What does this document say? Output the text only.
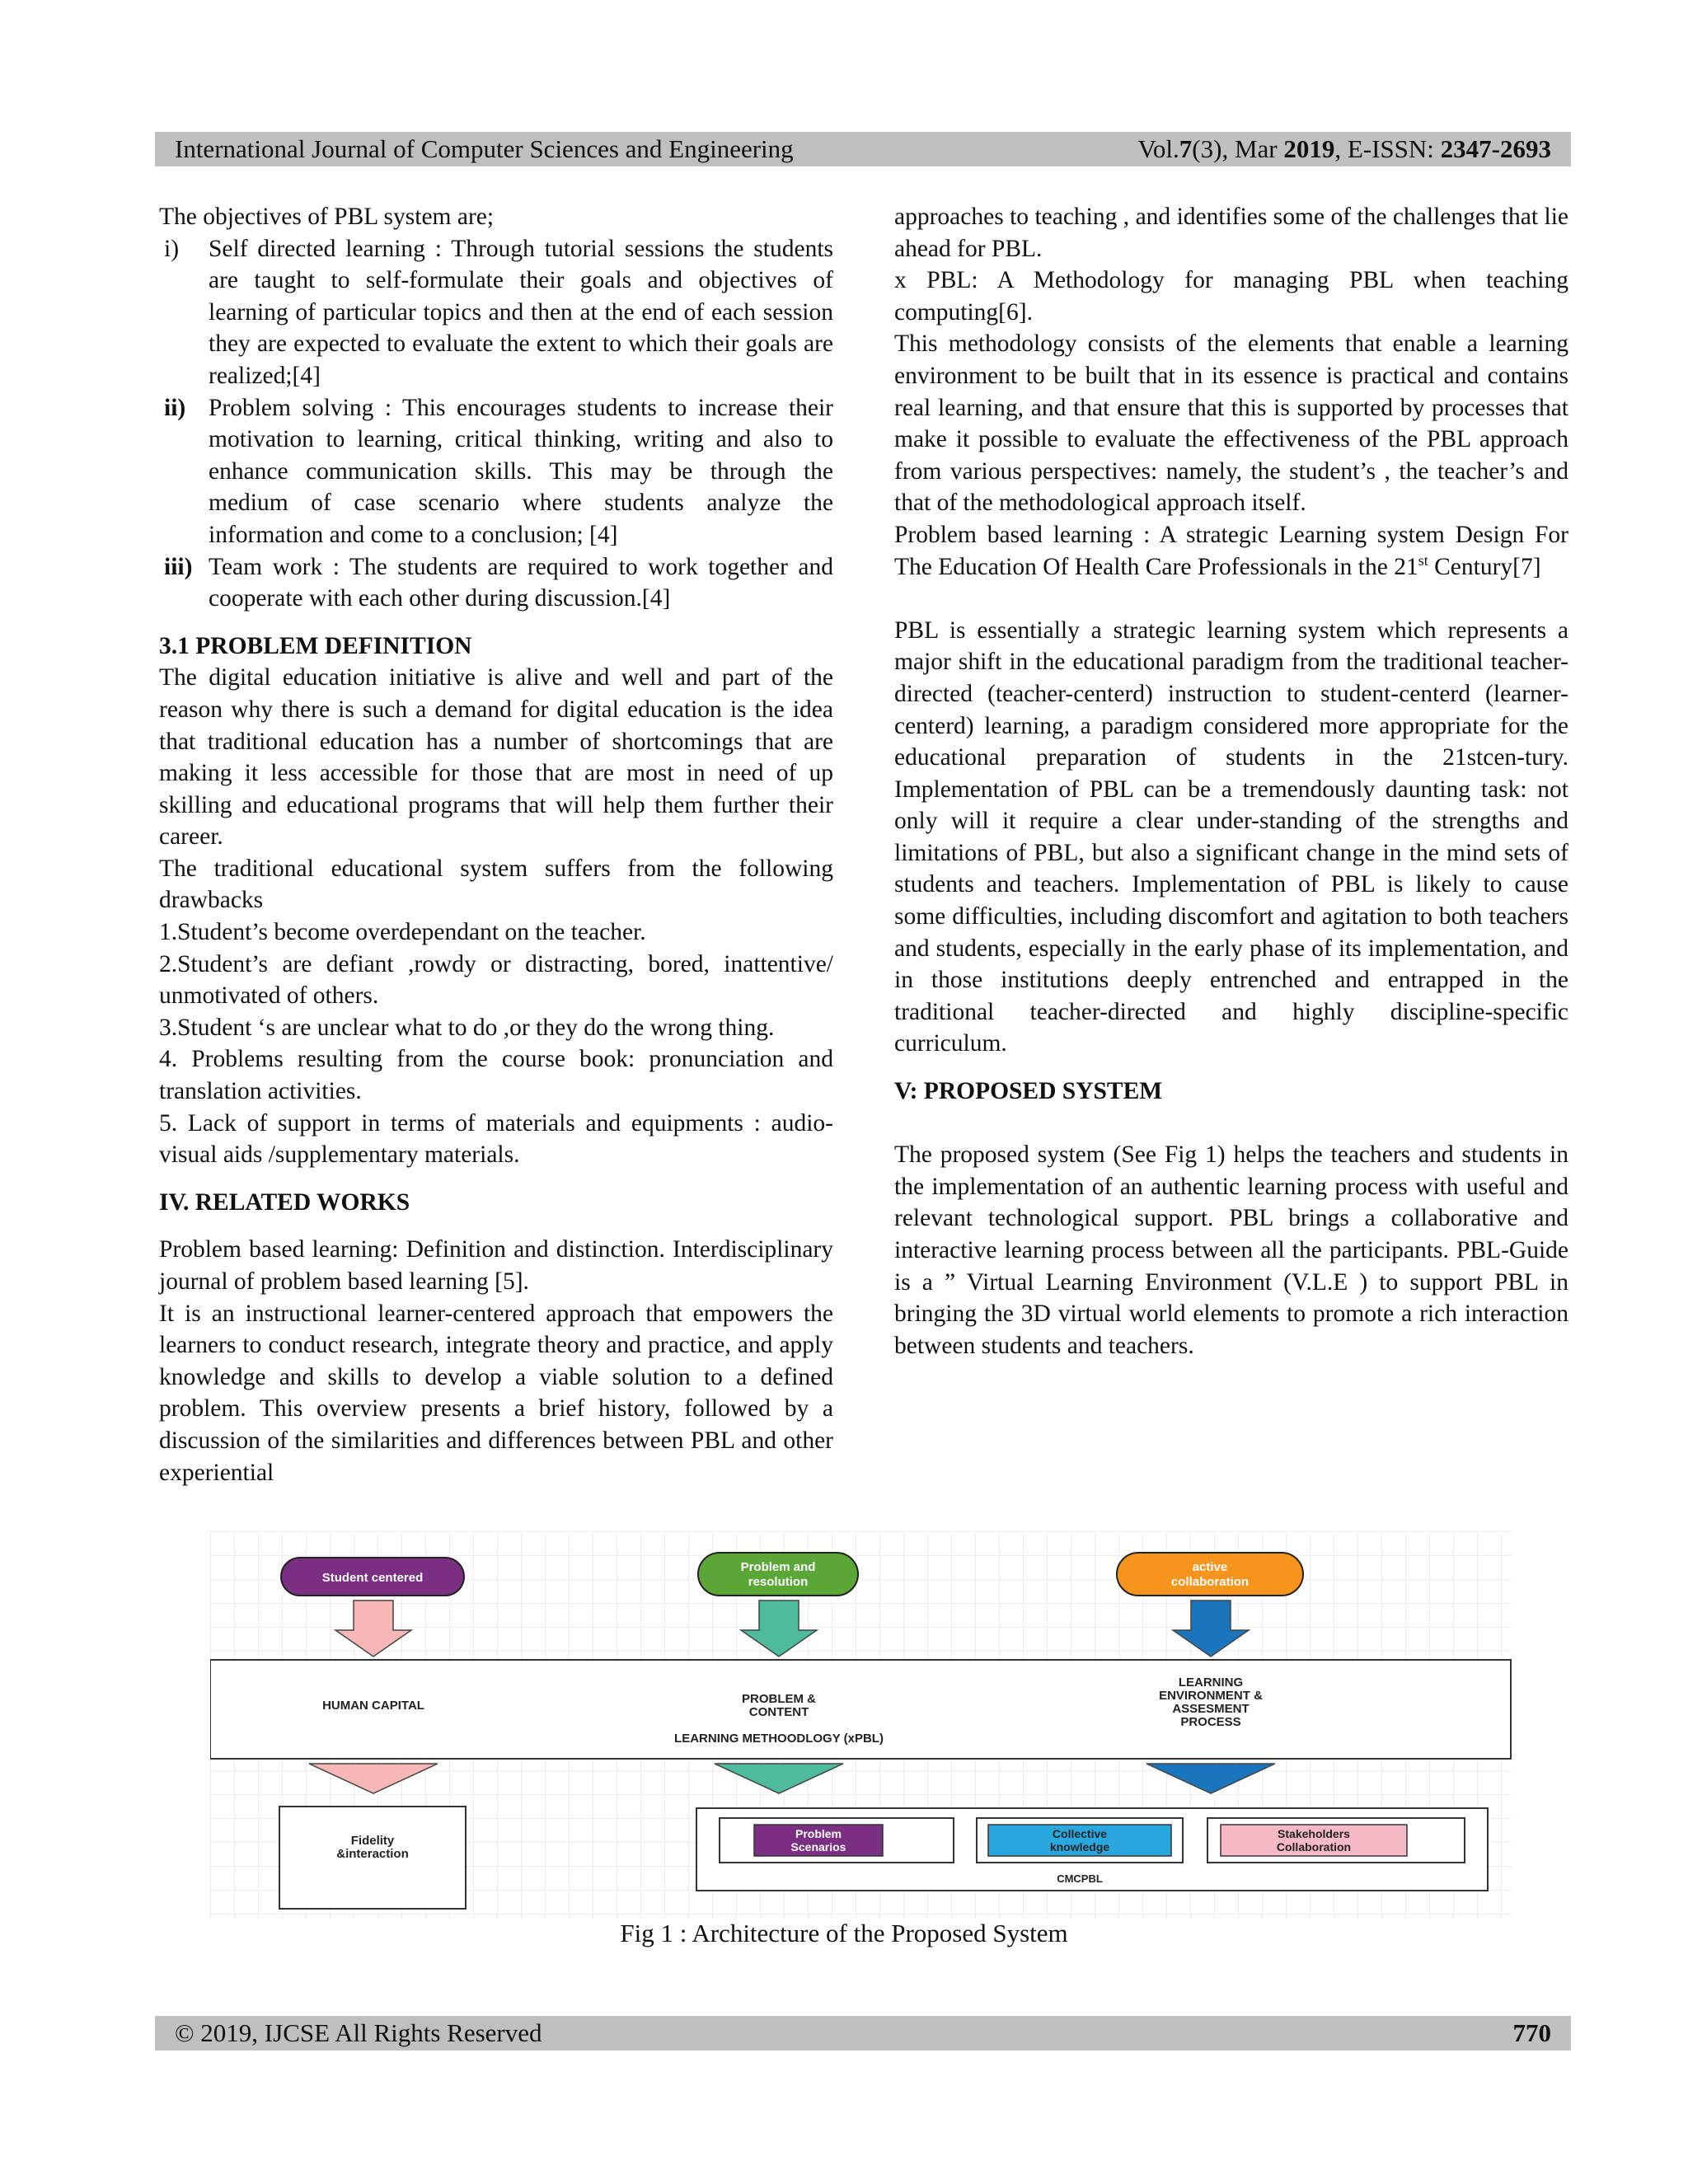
International Journal of Computer Sciences and Engineering	Vol.7(3), Mar 2019, E-ISSN: 2347-2693

The objectives of PBL system are;

i)	Self directed learning : Through tutorial sessions the students are taught to self-formulate their goals and objectives of learning of particular topics and then at the end of each session they are expected to evaluate the extent to which their goals are realized;[4]
ii) Problem solving : This encourages students to increase their motivation to learning, critical thinking, writing and also to enhance communication skills. This may be through the medium of case scenario where students analyze the information and come to a conclusion; [4]
iii) Team work : The students are required to work together and cooperate with each other during discussion.[4]

3.1 PROBLEM DEFINITION

The digital education initiative is alive and well and part of the reason why there is such a demand for digital education is the idea that traditional education has a number of shortcomings that are making it less accessible for those that are most in need of up skilling and educational programs that will help them further their career.

The traditional educational system suffers from the following drawbacks

1.Student’s become overdependant on the teacher.

2.Student’s are defiant ,rowdy or distracting, bored, inattentive/ unmotivated of others.

3.Student ‘s are unclear what to do ,or they do the wrong thing.

4. Problems resulting from the course book: pronunciation and translation activities.

5. Lack of support in terms of materials and equipments : audio-visual aids /supplementary materials.

IV. RELATED WORKS

Problem based learning: Definition and distinction. Interdisciplinary journal of problem based learning [5].

It is an instructional learner-centered approach that empowers the learners to conduct research, integrate theory and practice, and apply knowledge and skills to develop a viable solution to a defined problem. This overview presents a brief history, followed by a discussion of the similarities and differences between PBL and other experiential

approaches to teaching , and identifies some of the challenges that lie ahead for PBL.

x PBL: A Methodology for managing PBL when teaching computing[6].

This methodology consists of the elements that enable a learning environment to be built that in its essence is practical and contains real learning, and that ensure that this is supported by processes that make it possible to evaluate the effectiveness of the PBL approach from various perspectives: namely, the student’s , the teacher’s and that of the methodological approach itself.

Problem based learning : A strategic Learning system Design For The Education Of Health Care Professionals in the 21st Century[7]

PBL is essentially a strategic learning system which represents a major shift in the educational paradigm from the traditional teacher-directed (teacher-centerd) instruction to student-centerd (learner-centerd) learning, a paradigm considered more appropriate for the educational preparation of students in the 21stcen-tury. Implementation of PBL can be a tremendously daunting task: not only will it require a clear under-standing of the strengths and limitations of PBL, but also a significant change in the mind sets of students and teachers. Implementation of PBL is likely to cause some difficulties, including discomfort and agitation to both teachers and students, especially in the early phase of its implementation, and in those institutions deeply entrenched and entrapped in the traditional teacher-directed and highly discipline-specific curriculum.

V: PROPOSED SYSTEM

The proposed system (See Fig 1) helps the teachers and students in the implementation of an authentic learning process with useful and relevant technological support. PBL brings a collaborative and interactive learning process between all the participants. PBL-Guide is a ” Virtual Learning Environment (V.L.E ) to support PBL in bringing the 3D virtual world elements to promote a rich interaction between students and teachers.

Student centered
Problem and
resolution
active
collaboration
HUMAN CAPITAL	PROBLEM &
CONTENT
LEARNING
ENVIRONMENT &
ASSESMENT
PROCESS
LEARNING METHOODLOGY (xPBL)
Fidelity
&interaction
Problem
Scenarios
Collective
knowledge
Stakeholders
Collaboration
CMCPBL
Fig 1 : Architecture of the Proposed System
© 2019, IJCSE All Rights Reserved	770
